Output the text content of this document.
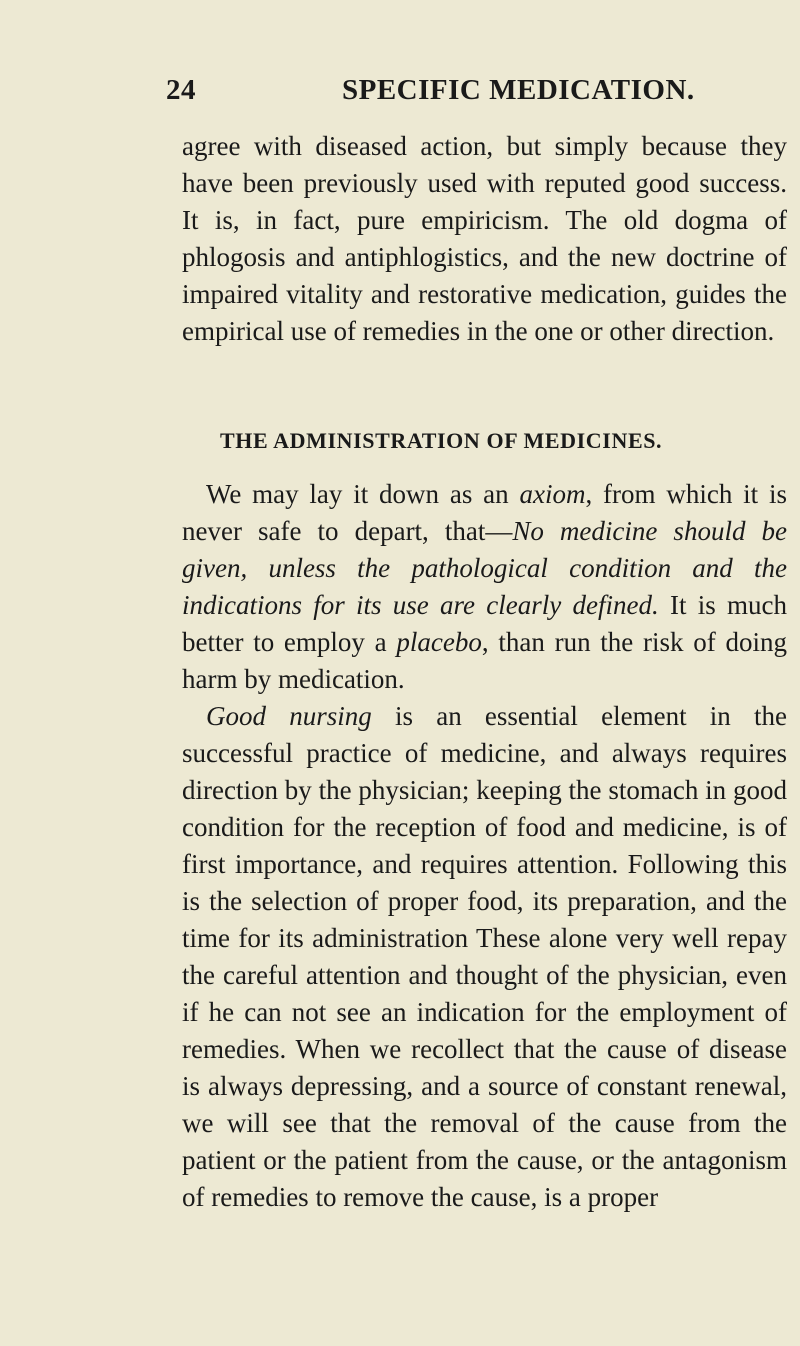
24	SPECIFIC MEDICATION.

agree with diseased action, but simply because they have been previously used with reputed good success. It is, in fact, pure empiricism. The old dogma of phlogosis and antiphlogistics, and the new doctrine of impaired vitality and restorative medication, guides the empirical use of remedies in the one or other direction.

THE ADMINISTRATION OF MEDICINES.

We may lay it down as an axiom, from which it is never safe to depart, that—No medicine should be given, unless the pathological condition and the indications for its use are clearly defined. It is much better to employ a placebo, than run the risk of doing harm by medication.

Good nursing is an essential element in the successful practice of medicine, and always requires direction by the physician; keeping the stomach in good condition for the reception of food and medicine, is of first importance, and requires attention. Following this is the selection of proper food, its preparation, and the time for its administration These alone very well repay the careful attention and thought of the physician, even if he can not see an indication for the employment of remedies. When we recollect that the cause of disease is always depressing, and a source of constant renewal, we will see that the removal of the cause from the patient or the patient from the cause, or the antagonism of remedies to remove the cause, is a proper
